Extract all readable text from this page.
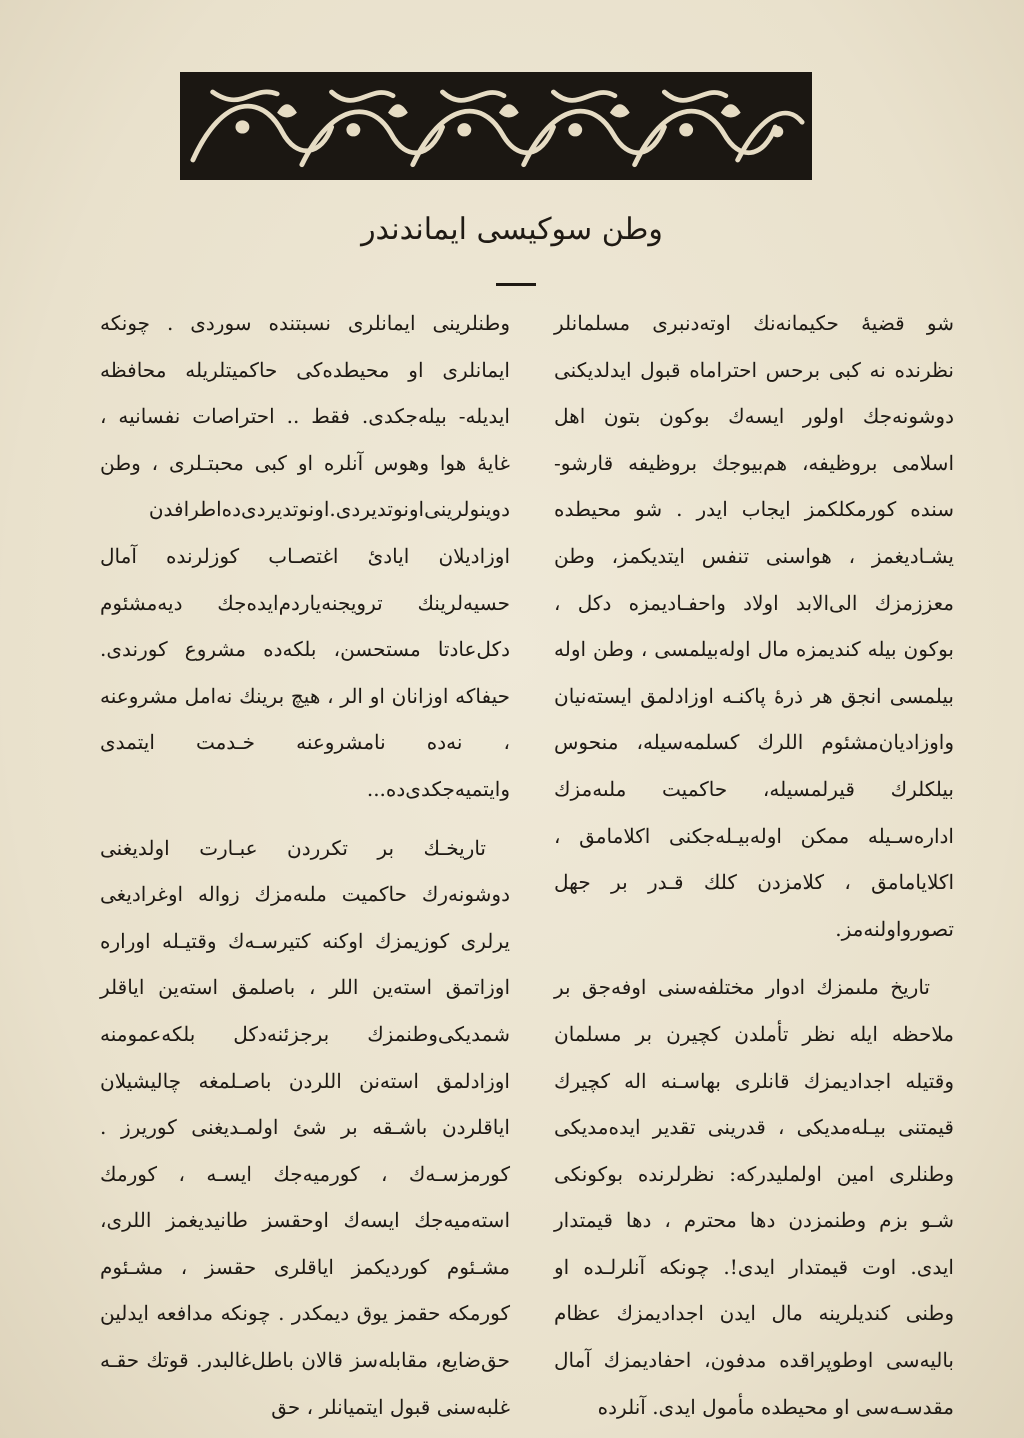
وطن سوكيسى ايماندندر

شو قضيۀ حكيمانه‌نك اوته‌دنبرى مسلمانلر نظرنده نه كبى برحس احتراماه قبول ايدلديكنى دوشونه‌جك اولور ايسه‌ك بوكون بتون اهل اسلامى بروظيفه، هم‌بيوجك بروظيفه قارشو- سنده كورمكلكمز ايجاب ايدر . شو محيطده يشـاديغمز ، هواسنى تنفس ايتديكمز، وطن معززمزك الى‌الابد اولاد واحفـاديمزه دكل ، بوكون بيله كنديمزه مال اوله‌بيلمسى ، وطن اوله بيلمسى انجق هر ذرۀ پاكنـه اوزادلمق ايسته‌نيان واوزاديان‌مشئوم اللرك كسلمه‌سيله، منحوس بيلكلرك قيرلمسيله، حاكميت ملىه‌مزك اداره‌سـيله ممكن اوله‌بيـله‌جكنى اكلامامق ، اكلايامامق ، كلامزدن كلك قـدر بر جهل تصورواولنه‌مز.

تاريخ ملىمزك ادوار مختلفه‌سنى اوفه‌جق بر ملاحظه ايله نظر تأملدن كچيرن بر مسلمان وقتيله اجداديمزك قانلرى بهاسـنه اله كچيرك قيمتنى بيـله‌مديكى ، قدرينى تقدير ايده‌مديكى وطنلرى امين اولمليدركه: نظرلرنده بوكونكى شـو بزم وطنمزدن دها محترم ، دها قيمتدار ايدى. اوت قيمتدار ايدى!. چونكه آنلرلـده او وطنى كنديلرينه مال ايدن اجداديمزك عظام باليه‌سى اوطوپراقده مدفون، احفاديمزك آمال مقدسـه‌سى او محيطده مأمول ايدى. آنلرده

وطنلرينى ايمانلرى نسبتنده سوردى . چونكه ايمانلرى او محيطده‌كى حاكميتلريله محافظه ايديله- بيله‌جكدى. فقط .. احتراصات نفسانيه ، غايۀ هوا وهوس آنلره او كبى محبتـلرى ، وطن دوينولرينى‌اونوتديردى.اونوتديردى‌ده‌اطرافدن اوزاديلان ايادئ اغتصـاب كوزلرنده آمال حسيه‌لرينك ترويجنه‌ياردم‌ايده‌جك ديه‌مشئوم دكل‌عادتا مستحسن، بلكه‌ده مشروع كورندى. حيفاكه اوزانان او الر ، هيچ برينك نه‌امل مشروعنه ، نه‌ده نامشروعنه خـدمت ايتمدى وايتميه‌جكدى‌ده...

تاريخـك بر تكرردن عبـارت اولديغنى دوشونه‌رك حاكميت ملىه‌مزك زواله اوغراديغى يرلرى كوزيمزك اوكنه كتيرسـه‌ك وقتيـله اوراره اوزاتمق استه‌ين اللر ، باصلمق استه‌ين اياقلر شمديكى‌وطنمزك برجزئنه‌دكل بلكه‌عمومنه اوزادلمق استه‌نن اللردن باصـلمغه چاليشيلان اياقلردن باشـقه بر شئ اولمـديغنى كوريرز . كورمزسـه‌ك ، كورميه‌جك ايسـه ، كورمك استه‌ميه‌جك ايسه‌ك اوحقسز طانيديغمز اللرى، مشـئوم كورديكمز اياقلرى حقسز ، مشـئوم كورمكه حقمز يوق ديمكدر . چونكه مدافعه ايدلين حق‌ضايع، مقابله‌سز قالان باطل‌غالبدر. قوتك حقـه غلبه‌سنى قبول ايتميانلر ، حق
